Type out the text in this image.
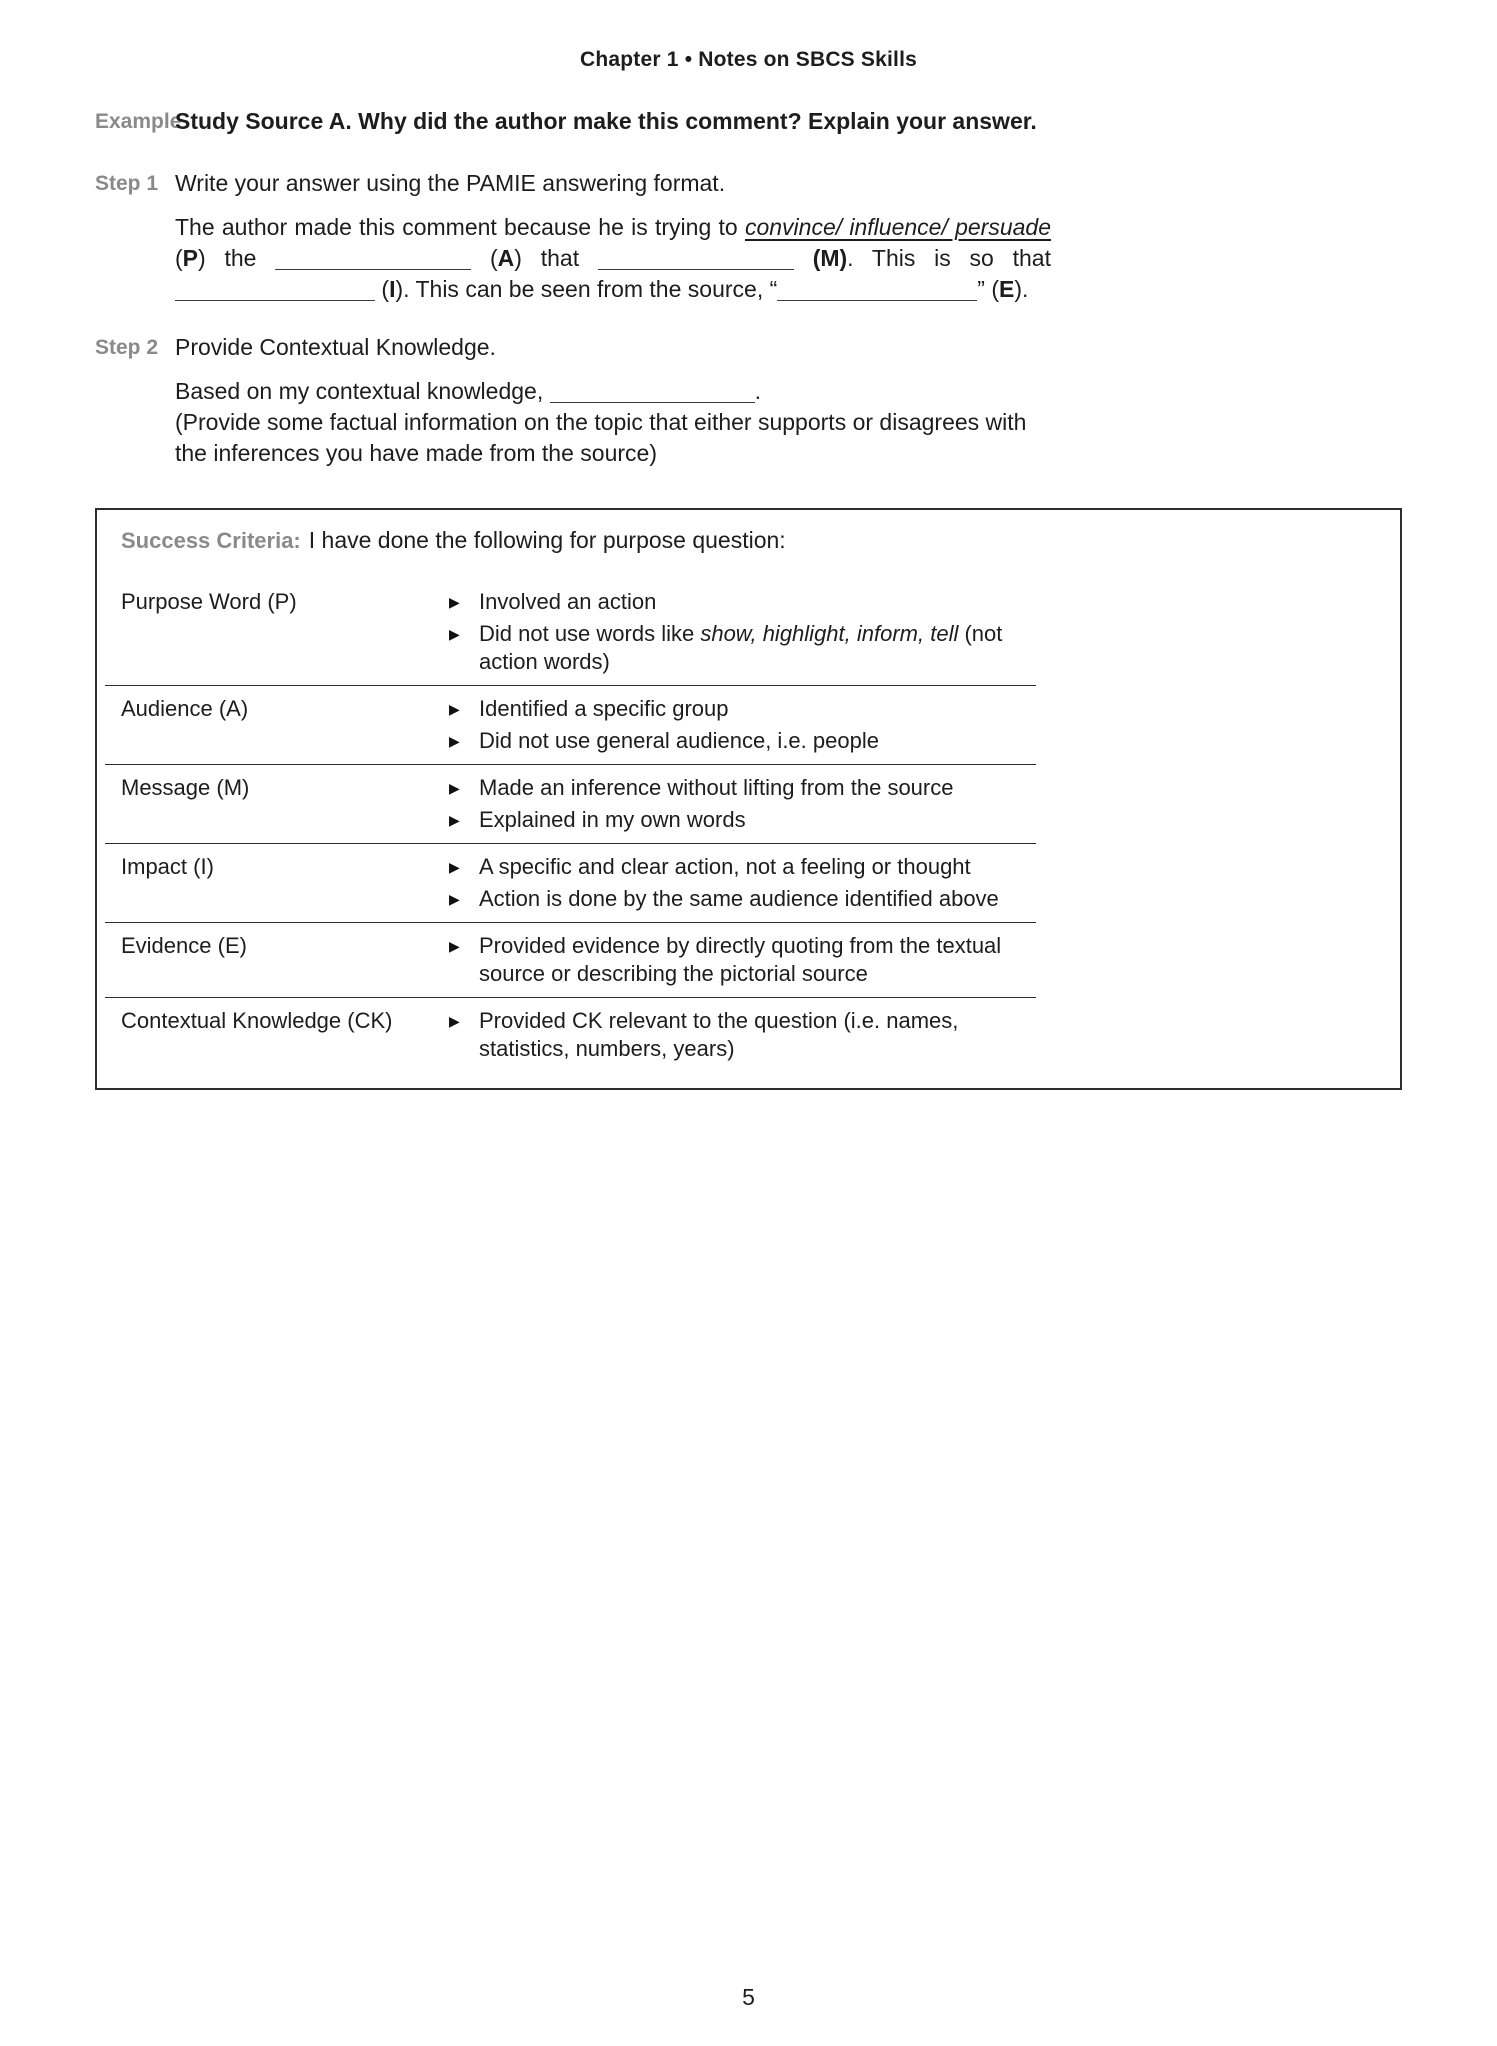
Chapter 1 • Notes on SBCS Skills
Example
Study Source A. Why did the author make this comment? Explain your answer.
Step 1 Write your answer using the PAMIE answering format.
The author made this comment because he is trying to convince/ influence/ persuade (P) the	(A) that	(M). This is so that  (I). This can be seen from the source, “	” (E).
Step 2 Provide Contextual Knowledge.
Based on my contextual knowledge,	.
(Provide some factual information on the topic that either supports or disagrees with the inferences you have made from the source)
Success Criteria: I have done the following for purpose question:
Purpose Word (P)	▶ Involved an action
▶ Did not use words like show, highlight, inform, tell (not action words)
Audience (A)	▶ Identified a specific group
▶ Did not use general audience, i.e. people
Message (M)	▶ Made an inference without lifting from the source
▶ Explained in my own words
Impact (I)	▶ A specific and clear action, not a feeling or thought
▶ Action is done by the same audience identified above
Evidence (E)	▶ Provided evidence by directly quoting from the textual source or describing the pictorial source
Contextual Knowledge (CK)	▶ Provided CK relevant to the question (i.e. names, statistics, numbers, years)
5
